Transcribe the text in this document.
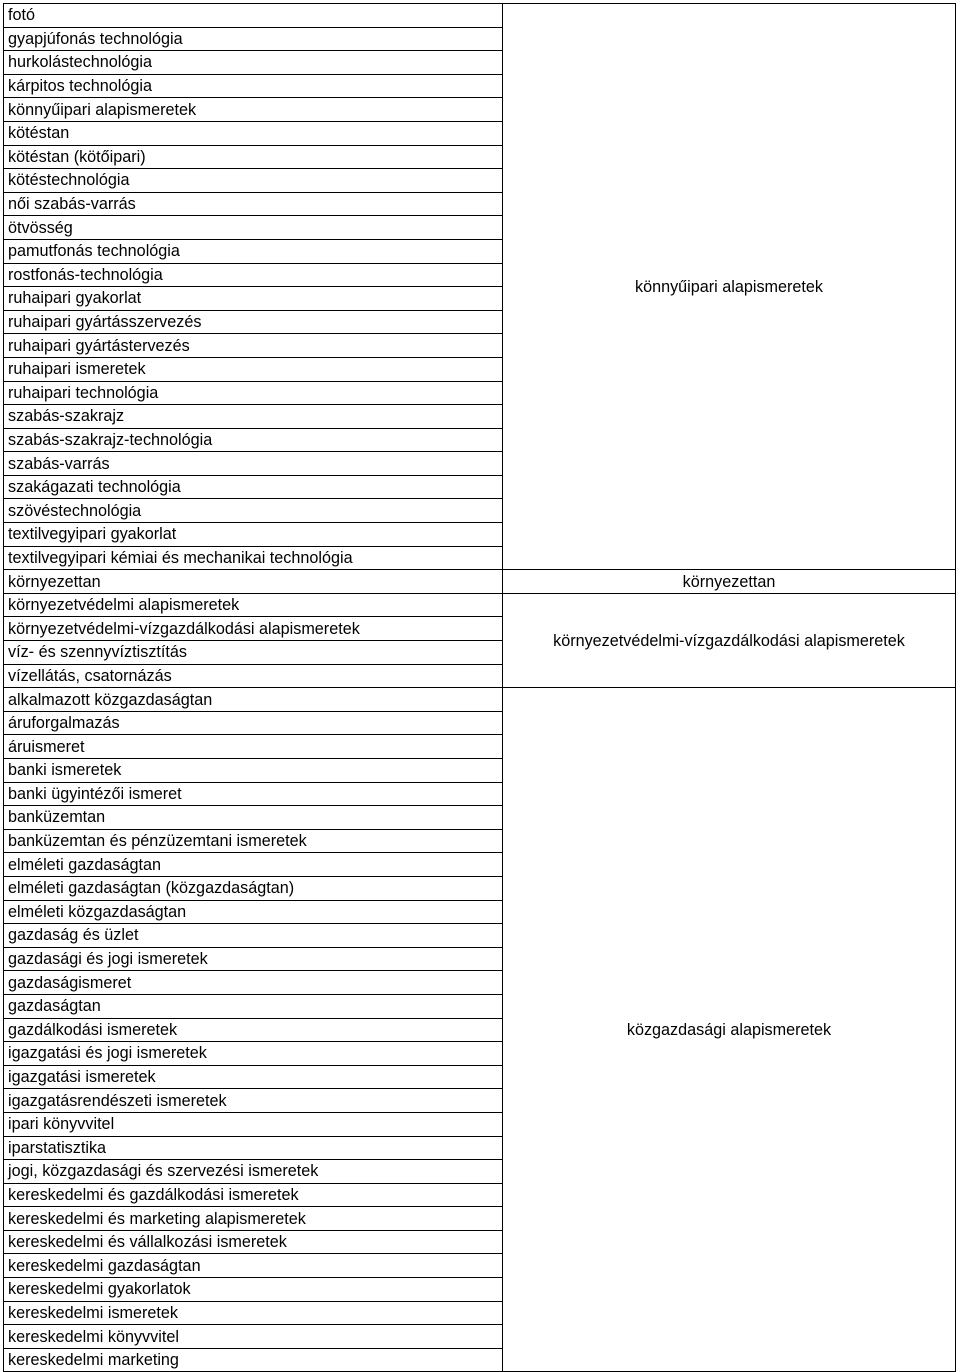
fotó	könnyűipari alapismeretek
gyapjúfonás technológia	
hurkolástechnológia	
kárpitos technológia	
könnyűipari alapismeretek	
kötéstan	
kötéstan (kötőipari)	
kötéstechnológia	
női szabás-varrás	
ötvösség	
pamutfonás technológia	
rostfonás-technológia	
ruhaipari gyakorlat	
ruhaipari gyártásszervezés	
ruhaipari gyártástervezés	
ruhaipari ismeretek	
ruhaipari technológia	
szabás-szakrajz	
szabás-szakrajz-technológia	
szabás-varrás	
szakágazati technológia	
szövéstechnológia	
textilvegyipari gyakorlat	
textilvegyipari kémiai és mechanikai technológia	
környezettan	környezettan
környezetvédelmi alapismeretek	környezetvédelmi-vízgazdálkodási alapismeretek
környezetvédelmi-vízgazdálkodási alapismeretek	
víz- és szennyvíztisztítás	
vízellátás, csatornázás	
alkalmazott közgazdaságtan	közgazdasági alapismeretek
áruforgalmazás	
áruismeret	
banki ismeretek	
banki ügyintézői ismeret	
banküzemtan	
banküzemtan és pénzüzemtani ismeretek	
elméleti gazdaságtan	
elméleti gazdaságtan (közgazdaságtan)	
elméleti közgazdaságtan	
gazdaság és üzlet	
gazdasági és jogi ismeretek	
gazdaságismeret	
gazdaságtan	
gazdálkodási ismeretek	
igazgatási és jogi ismeretek	
igazgatási ismeretek	
igazgatásrendészeti ismeretek	
ipari könyvvitel	
iparstatisztika	
jogi, közgazdasági és szervezési ismeretek	
kereskedelmi és gazdálkodási ismeretek	
kereskedelmi és marketing alapismeretek	
kereskedelmi és vállalkozási ismeretek	
kereskedelmi gazdaságtan	
kereskedelmi gyakorlatok	
kereskedelmi ismeretek	
kereskedelmi könyvvitel	
kereskedelmi marketing	
